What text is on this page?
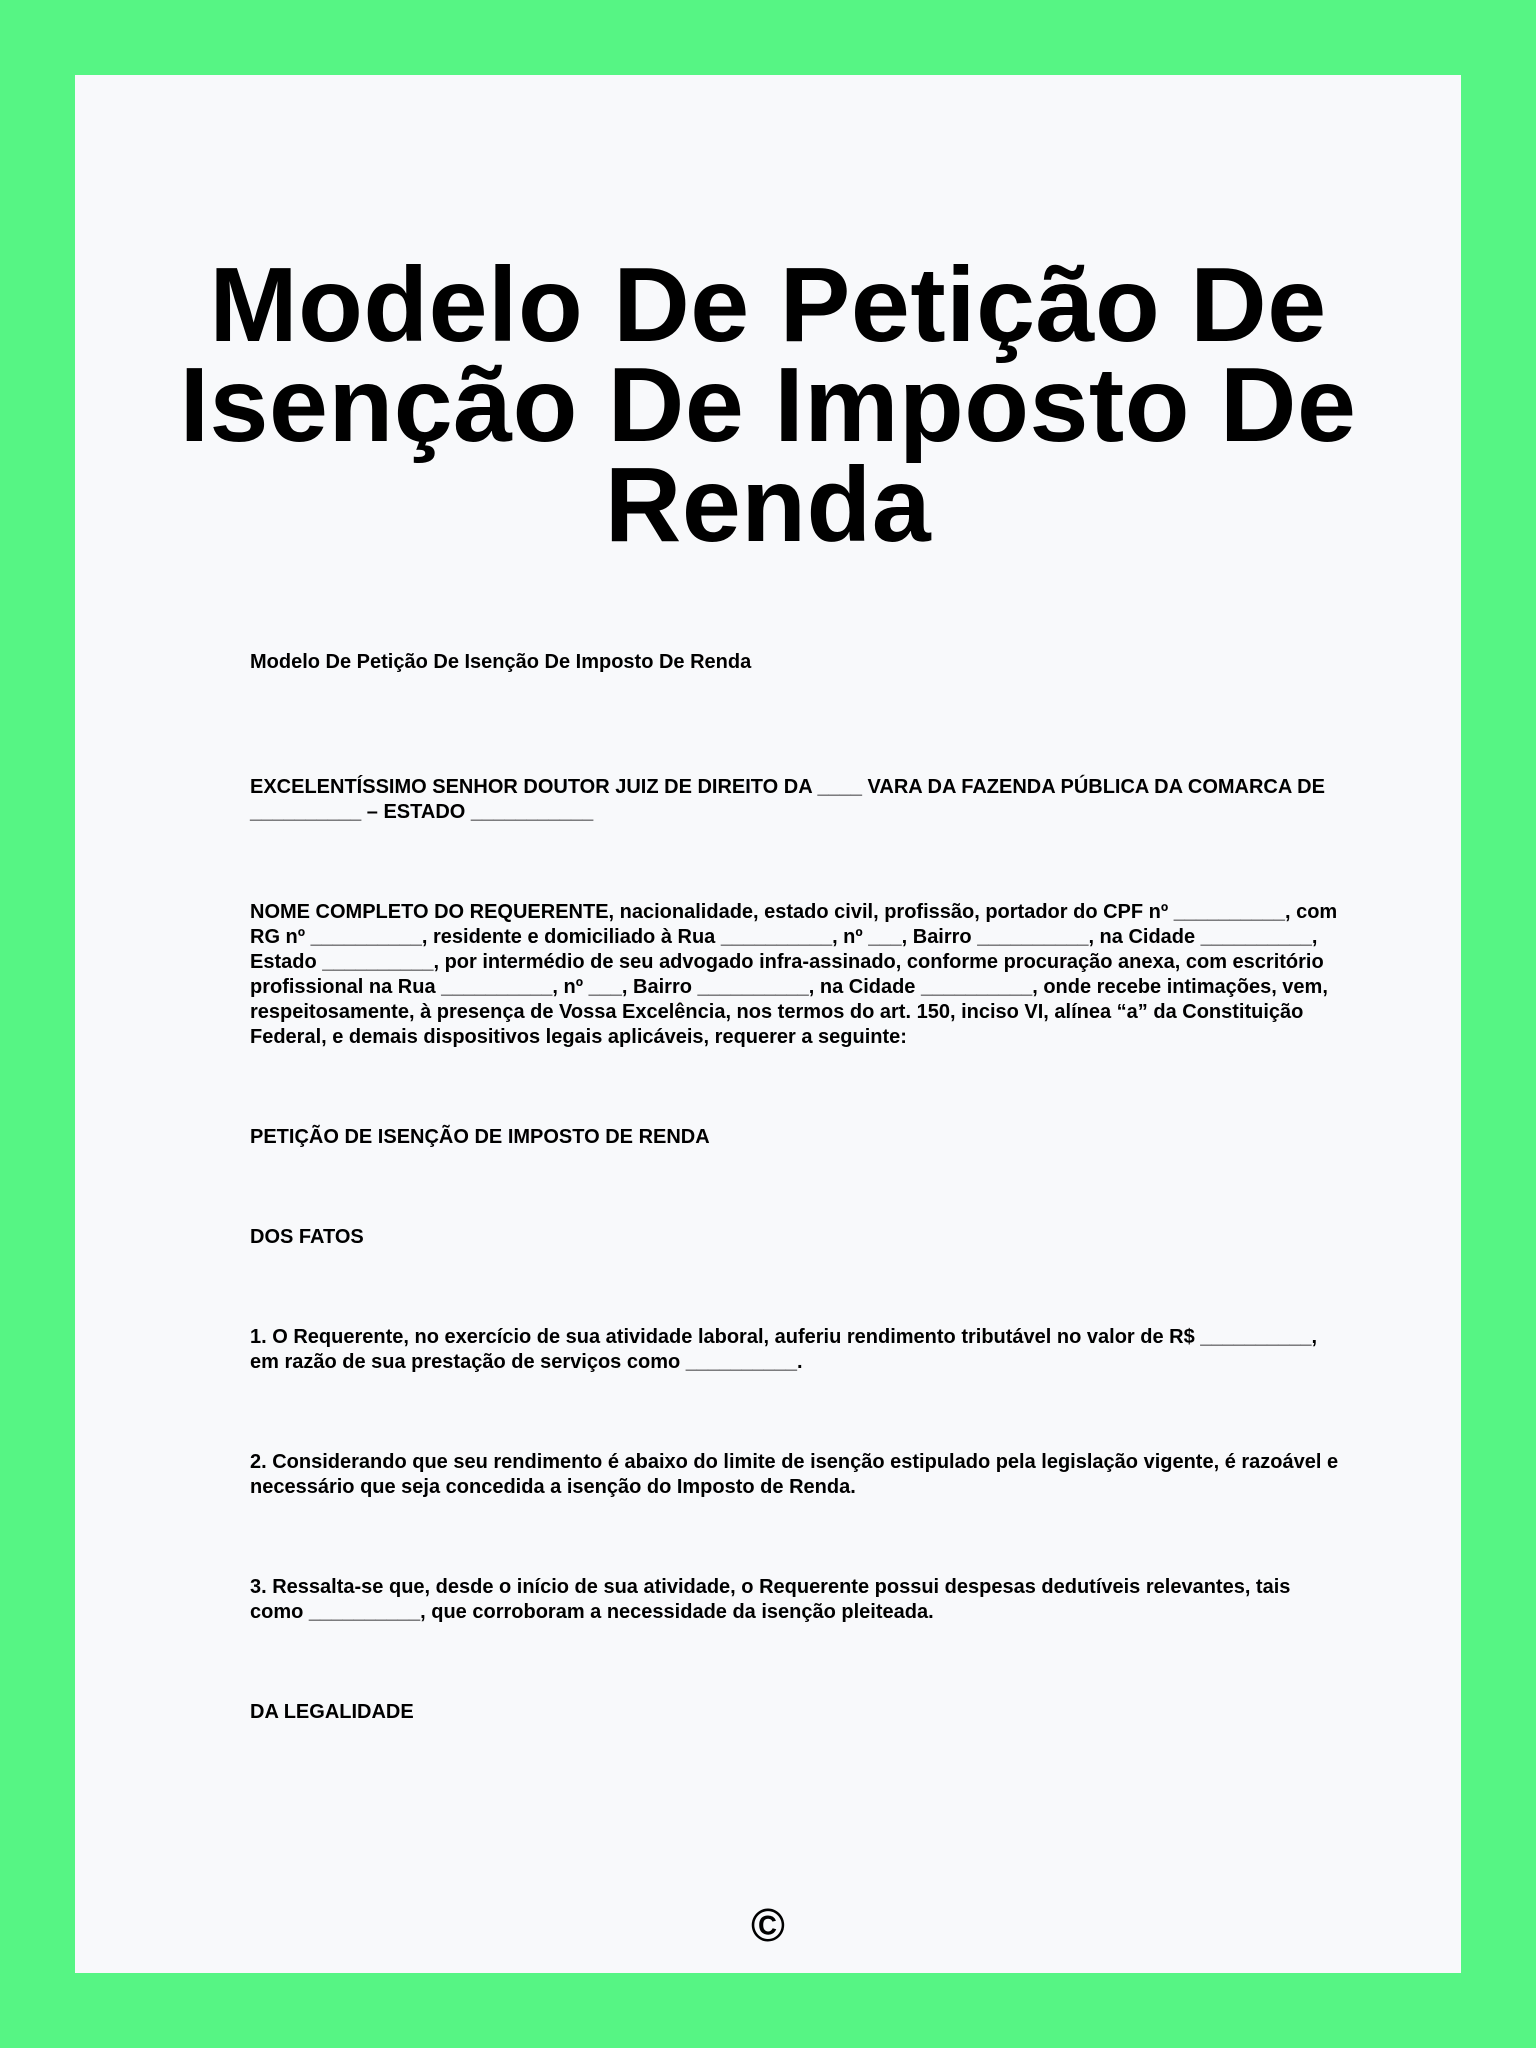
Modelo De Petição De Isenção De Imposto De Renda

Modelo De Petição De Isenção De Imposto De Renda

EXCELENTÍSSIMO SENHOR DOUTOR JUIZ DE DIREITO DA ____ VARA DA FAZENDA PÚBLICA DA COMARCA DE __________ – ESTADO ___________

NOME COMPLETO DO REQUERENTE, nacionalidade, estado civil, profissão, portador do CPF nº __________, com RG nº __________, residente e domiciliado à Rua __________, nº ___, Bairro __________, na Cidade __________, Estado __________, por intermédio de seu advogado infra-assinado, conforme procuração anexa, com escritório profissional na Rua __________, nº ___, Bairro __________, na Cidade __________, onde recebe intimações, vem, respeitosamente, à presença de Vossa Excelência, nos termos do art. 150, inciso VI, alínea “a” da Constituição Federal, e demais dispositivos legais aplicáveis, requerer a seguinte:

PETIÇÃO DE ISENÇÃO DE IMPOSTO DE RENDA

DOS FATOS

1. O Requerente, no exercício de sua atividade laboral, auferiu rendimento tributável no valor de R$ __________, em razão de sua prestação de serviços como __________.

2. Considerando que seu rendimento é abaixo do limite de isenção estipulado pela legislação vigente, é razoável e necessário que seja concedida a isenção do Imposto de Renda.

3. Ressalta-se que, desde o início de sua atividade, o Requerente possui despesas dedutíveis relevantes, tais como __________, que corroboram a necessidade da isenção pleiteada.

DA LEGALIDADE

©
